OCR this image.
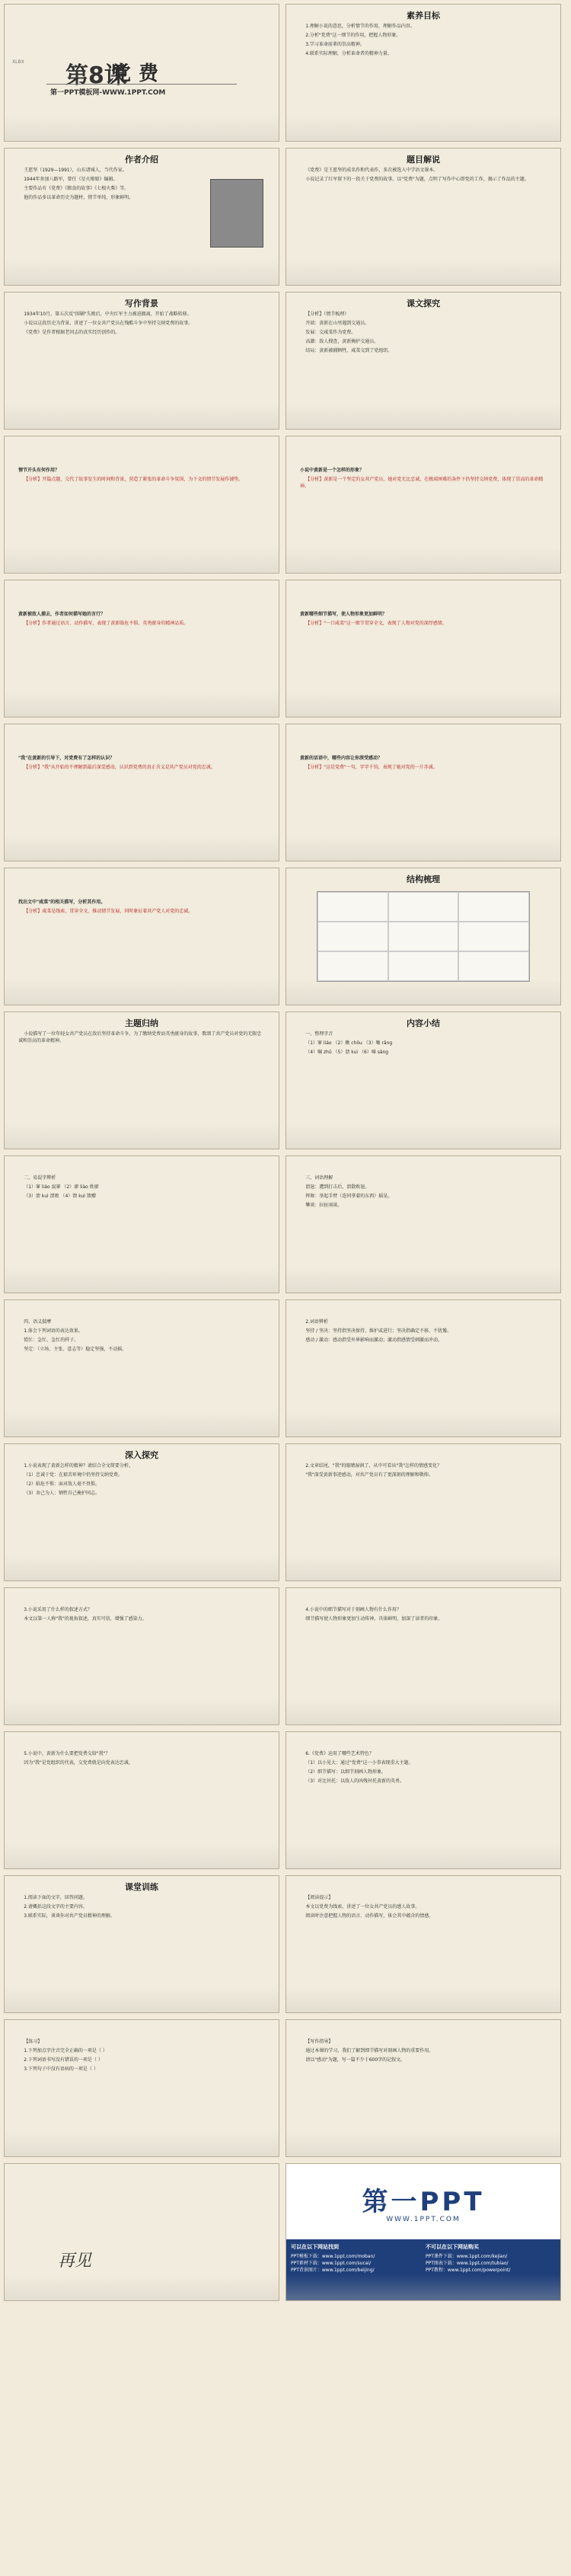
XLBX
第8课
党费
第一PPT模板网-WWW.1PPT.COM
素养目标

1.理解小说的意思，分析情节的作用，理解作品内容。

2.分析"党费"这一细节的作用，把握人物形象。

3.学习革命前辈的崇高精神。

4.联系实际理解，分析革命者的精神力量。

作者介绍

王愿坚（1929—1991），山东诸城人，当代作家。

1944年参加八路军，曾任《星火燎原》编辑。

主要作品有《党费》《粮食的故事》《七根火柴》等。

他的作品多以革命历史为题材，情节单纯，形象鲜明。

题目解说

《党费》是王愿坚的成名作和代表作，多次被选入中学语文课本。

小说记录了红军留下的一段关于党费的故事。以"党费"为题，点明了写作中心即党的工作，揭示了作品的主题。

写作背景

1934年10月，第五次反"围剿"失败后，中央红军主力被迫撤离，开始了战略转移。

小说以这段历史为背景，讲述了一位女共产党员在残酷斗争中坚持交纳党费的故事。

《党费》是作者根据老同志的真实经历创作的。

课文探究

【分析】（情节梳理）

开端：黄新在山里遇到交通员。

发展：交咸菜作为党费。

高潮：敌人搜查，黄新掩护交通员。

结局：黄新被捕牺牲，咸菜交到了党组织。

情节开头有何作用？

【分析】开篇点题，交代了故事发生的时间和背景，营造了紧张的革命斗争氛围，为下文的情节发展作铺垫。

小说中黄新是一个怎样的形象？

【分析】黄新是一个坚定的女共产党员，她对党无比忠诚，在极端困难的条件下仍坚持交纳党费，体现了崇高的革命精神。

黄新被敌人捕去，作者如何描写她的言行？

【分析】作者通过语言、动作描写，表现了黄新临危不惧、英勇献身的精神品质。

黄新哪些细节描写，使人物形象更加鲜明？

【分析】"一口咸菜"这一细节贯穿全文，表现了人物对党的深厚感情。

"我"在黄新的引导下，对党费有了怎样的认识？

【分析】"我"从开始的不理解到最后深受感动，认识到党费的真正含义是共产党员对党的忠诚。

黄新的话语中，哪些内容让你深受感动？

【分析】"这是党费"一句，字字千钧，表现了她对党的一片赤诚。

找出文中"咸菜"的相关描写，分析其作用。

【分析】咸菜是线索，贯穿全文，推动情节发展，同时象征着共产党人对党的忠诚。

结构梳理
主题归纳

小说描写了一位年轻女共产党员在敌后坚持革命斗争，为了缴纳党费而英勇献身的故事，歌颂了共产党员对党的无限忠诚和崇高的革命精神。

内容小结

一、整理字音

（1）寥 liáo （2）瞅 chǒu （3）嚷 rǎng

（4）嘱 zhǔ （5）溃 kuì （6）嗓 sǎng

二、易混字辨析

（1）寥 liáo 寂寥 （2）廖 liào 姓廖

（3）溃 kuì 溃败 （4）馈 kuì 馈赠

三、词语理解

溃退：遭到打击后，溃散败退。

挥舞：举起手臂（连同拿着的东西）摇晃。

攀谈：拉扯闲谈。

四、语义揣摩

1.体会下列词语的表达效果。

慌忙：急忙、急忙的样子。

坚定：（立场、主张、意志等）稳定坚强，不动摇。

2.词语辨析

坚持 / 坚决：坚持指坚决保持、维护或进行；坚决指确定不移、不犹豫。

感动 / 激动：感动指受外界影响而激动；激动指感情受刺激而冲动。

深入探究

1.小说表现了黄新怎样的精神？请结合全文简要分析。

（1）忠诚于党：在艰苦环境中仍坚持交纳党费。

（2）临危不惧：面对敌人毫不畏惧。

（3）舍己为人：牺牲自己掩护同志。

2.文章结尾，"我"的眼睛湿润了，从中可看出"我"怎样的情感变化？

"我"深受黄新事迹感动，对共产党员有了更深刻的理解和敬仰。

3.小说采用了什么样的叙述方式？

本文以第一人称"我"的视角叙述，真实可信，增强了感染力。

4.小说中的细节描写对于刻画人物有什么作用？

细节描写使人物形象更加生动传神，具体鲜明，加深了读者的印象。

5.小说中，黄新为什么要把党费交给"我"？

因为"我"是党组织的代表，交党费就是向党表达忠诚。

6.《党费》运用了哪些艺术特色？

（1）以小见大：通过"党费"这一小事表现重大主题。

（2）细节描写：以细节刻画人物形象。

（3）对比衬托：以敌人的凶残衬托黄新的英勇。

课堂训练

1.阅读下面的文字，回答问题。

2.请概括这段文字的主要内容。

3.联系实际，谈谈你对共产党员精神的理解。

【阅读提示】

本文以党费为线索，讲述了一位女共产党员的感人故事。

阅读时注意把握人物的语言、动作描写，体会其中蕴含的情感。

【练习】

1.下列加点字注音完全正确的一项是（ ）

2.下列词语书写没有错误的一项是（ ）

3.下列句子中没有语病的一项是（ ）

【写作指导】

通过本课的学习，我们了解到细节描写对刻画人物的重要作用。

请以"感动"为题，写一篇不少于600字的记叙文。

再见
第一PPT
WWW.1PPT.COM
可以在以下网站找到
PPT模板下载：www.1ppt.com/moban/
PPT素材下载：www.1ppt.com/sucai/
PPT背景图片：www.1ppt.com/beijing/
不可以在以下网站购买
PPT课件下载：www.1ppt.com/kejian/
PPT图表下载：www.1ppt.com/tubiao/
PPT教程：www.1ppt.com/powerpoint/
